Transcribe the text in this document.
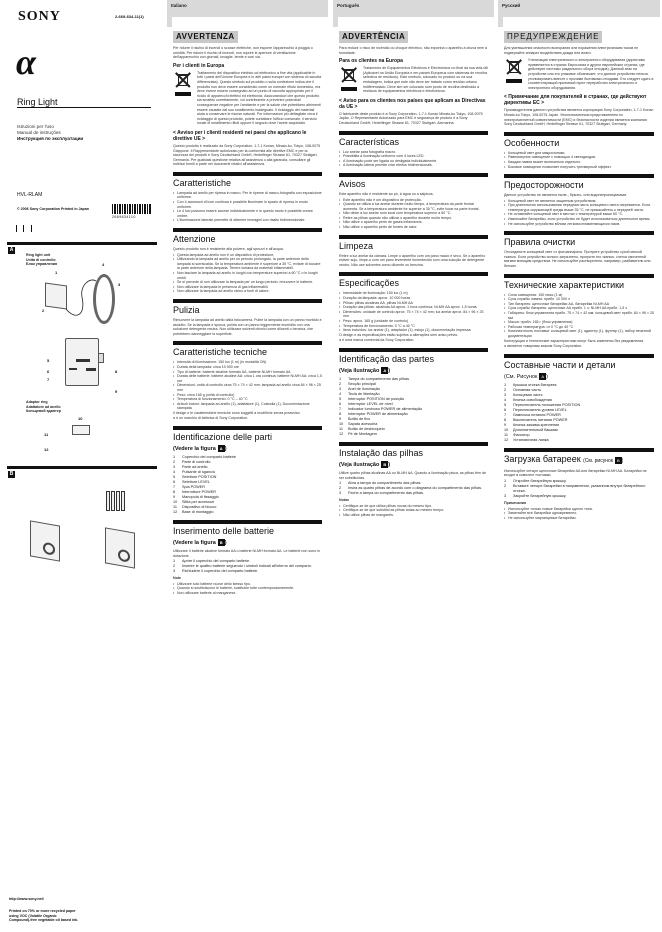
SONY	2-669-634-11(1)
α
Ring Light
Istruzioni per l'uso
Manual de instruções
Инструкция по эксплуатации
HVL-RLAM
© 2006 Sony Corporation Printed in Japan
2669634110
A
Ring light unit
Unità di controllo
Блок управления
1
2
3
4
5
6
7
8
9
Adaptor ring
Adattatore ad anello
Кольцевой адаптер
10
11
12
B
http://www.sony.net/
Printed on 70% or more recycled paper
using VOC (Volatile Organic
Compound)-free vegetable oil based ink.
Italiano
AVVERTENZA
Per ridurre il rischio di incendi o scosse elettriche, non esporre l'apparecchio a pioggia o umidità. Per ridurre il rischio di incendi, non coprire le aperture di ventilazione dell'apparecchio con giornali, tovaglie, tende e così via.
Per i clienti in Europa
Trattamento del dispositivo elettrico od elettronico a fine vita (applicabile in tutti i paesi dell'Unione Europea e in altri paesi europei con sistema di raccolta differenziata). Questo simbolo sul prodotto o sulla confezione indica che il prodotto non deve essere considerato come un normale rifiuto domestico, ma deve invece essere consegnato ad un punto di raccolta appropriato per il riciclo di apparecchi elettrici ed elettronici. Assicurandovi che questo prodotto sia smaltito correttamente, voi contribuirete a prevenire potenziali conseguenze negative per l'ambiente e per la salute che potrebbero altrimenti essere causate dal suo smaltimento inadeguato. Il riciclaggio dei materiali aiuta a conservare le risorse naturali. Per informazioni più dettagliate circa il riciclaggio di questo prodotto, potete contattare l'ufficio comunale, il servizio locale di smaltimento rifiuti oppure il negozio dove l'avete acquistato.
< Avviso per i clienti residenti nei paesi che applicano le direttive UE >
Questo prodotto è realizzato da Sony Corporation, 1-7-1 Konan, Minato-ku, Tokyo, 108-0075 Giappone. Il Rappresentante autorizzato per la conformità alle direttive EMC e per la sicurezza dei prodotti è Sony Deutschland GmbH, Hedelfinger Strasse 61, 70327 Stuttgart, Germania. Per qualsiasi questione relativa all'assistenza o alla garanzia, consultare gli indirizzi forniti a parte nei documenti relativi all'assistenza.
Caratteristiche
• Lampada ad anello per ripresa in macro. Per le riprese di macro-fotografia con esposizione uniforme.
• Con 4 accessori di luce continua è possibile illuminare lo spazio di ripresa in modo uniforme.
• Le 4 luci possono essere accese individualmente e in questo modo è possibile creare ombre.
• L'illuminazione laterale permette di ottenere immagini con risalto tridimensionale.
Attenzione
Questo prodotto non è resistente alla polvere, agli spruzzi e all'acqua.
• Questa lampada ad anello non è un dispositivo di protezione.
• Utilizzando la lampada ad anello per un periodo prolungato, la parte anteriore della lampada si surriscalda. Se la temperatura ambiente è superiore a 35 °C, evitare di toccare la parte anteriore della lampada. Tenere lontana da materiali infiammabili.
• Non lasciare la lampada ad anello in luoghi con temperature superiori a 60 °C o in luoghi umidi.
• Se si prevede di non utilizzare la lampada per un lungo periodo, rimuovere le batterie.
• Non utilizzare la lampada in presenza di gas infiammabili.
• Non utilizzare la lampada ad anello vicino a fonti di calore.
Pulizia
Rimuovere la lampada ad anello dalla fotocamera. Pulire la lampada con un panno morbido e asciutto. Se la lampada è sporca, pulirla con un panno leggermente inumidito con una soluzione detergente neutra. Non utilizzare solventi chimici come diluenti o benzina, che potrebbero danneggiare la superficie.
Caratteristiche tecniche
• Intensità di illuminazione: 150 lux (1 m) (in modalità ON)
• Durata della lampada: circa 10 000 ore
• Tipo di batterie: batterie alcaline formato AA, batterie Ni-MH formato AA
• Durata delle batterie: batterie alcaline AA: circa 1 ora continua; batterie Ni-MH AA: circa 1,5 ore
• Dimensioni: unità di controllo circa 75 × 74 × 42 mm; lampada ad anello circa 84 × 96 × 25 mm
• Peso: circa 165 g (unità di controllo)
• Temperatura di funzionamento: 0 °C – 40 °C
• Articoli inclusi: lampada ad anello (1), adattatore (1), Custodia (1), Documentazione stampata
Il design e le caratteristiche tecniche sono soggetti a modifiche senza preavviso.
α è un marchio di fabbrica di Sony Corporation.
Identificazione delle parti
(Vedere la figura A )
1	Coperchio del comparto batterie
2	Parte di controllo
3	Parte ad anello
4	Pulsante di sgancio
5	Selettore POSITION
6	Selettore LEVEL
7	Spia POWER
8	Interruttore POWER
9	Manopola di fissaggio
10 Slitta per accessori
11 Dispositivo di blocco
12 Base di montaggio
Inserimento delle batterie
(Vedere la figura B )
Utilizzare 4 batterie alcaline formato AA o batterie Ni-MH formato AA. Le batterie non sono in dotazione.
1	Aprire il coperchio del comparto batterie.
2	Inserire le quattro batterie seguendo i simboli indicati all'interno del comparto.
3	Richiudere il coperchio del comparto batterie.
Note
• Utilizzare solo batterie nuove dello stesso tipo.
• Quando si sostituiscono le batterie, sostituirle tutte contemporaneamente.
• Non utilizzare batterie al manganese.
Português
ADVERTÊNCIA
Para reduzir o risco de incêndio ou choque eléctrico, não exponha o aparelho à chuva nem à humidade.
Para os clientes na Europa
Tratamento de Equipamentos Eléctricos e Electrónicos no final da sua vida útil (Aplicável na União Europeia e em países Europeus com sistemas de recolha selectiva de resíduos). Este símbolo, colocado no produto ou na sua embalagem, indica que este não deve ser tratado como resíduo urbano indiferenciado. Deve sim ser colocado num ponto de recolha destinado a resíduos de equipamentos eléctricos e electrónicos.
< Aviso para os clientes nos países que aplicam as Directivas da UE >
O fabricante deste produto é a Sony Corporation, 1-7-1 Konan Minato-ku Tokyo, 108-0075 Japão. O Representante Autorizado para EMC e segurança de produto é a Sony Deutschland GmbH, Hedelfinger Strasse 61, 70327 Stuttgart, Alemanha.
Características
• Luz anelar para fotografia macro.
• Possibilita a iluminação uniforme com 4 luzes LED.
• A iluminação pode ser ligada ou desligada individualmente.
• A iluminação lateral permite criar efeitos tridimensionais.
Avisos
Este aparelho não é resistente ao pó, à água ou a salpicos.
• Este aparelho não é um dispositivo de protecção.
• Quando se utiliza a luz anelar durante muito tempo, a temperatura da parte frontal aumenta. Se a temperatura ambiente for superior a 35 °C, evite tocar na parte frontal.
• Não deixe a luz anelar num local com temperatura superior a 60 °C.
• Retire as pilhas quando não utilizar o aparelho durante muito tempo.
• Não utilize o aparelho perto de gases inflamáveis.
• Não utilize o aparelho perto de fontes de calor.
Limpeza
Retire a luz anelar da câmara. Limpe o aparelho com um pano macio e seco. Se o aparelho estiver sujo, limpe-o com um pano levemente humedecido com uma solução de detergente neutro. Não use solventes como diluente ou benzina.
Especificações
• Intensidade de iluminação: 150 lux (1 m)
• Duração da lâmpada: aprox. 10 000 horas
• Pilhas: pilhas alcalinas AA, pilhas Ni-MH AA
• Duração das pilhas: alcalinas AA aprox. 1 hora contínua; Ni-MH AA aprox. 1,5 horas
• Dimensões: unidade de controlo aprox. 75 × 74 × 42 mm; luz anelar aprox. 84 × 96 × 25 mm
• Peso: aprox. 165 g (unidade de controlo)
• Temperatura de funcionamento: 0 °C a 40 °C
• Itens incluídos: luz anelar (1), adaptador (1), estojo (1), documentação impressa
O design e as especificações estão sujeitos a alterações sem aviso prévio.
α é uma marca comercial da Sony Corporation.
Identificação das partes
(Veja ilustração A )
1	Tampa do compartimento das pilhas
2	Secção principal
3	Anel de iluminação
4	Tecla de libertação
5	Interruptor POSITION de posição
6	Interruptor LEVEL de nível
7	Indicador luminoso POWER de alimentação
8	Interruptor POWER de alimentação
9	Botão de fixo
10 Sapata acessória
11 Botão de desbloqueio
12 Pé de Montagem
Instalação das pilhas
(Veja ilustração B )
Utilize quatro pilhas alcalinas AA ou Ni-MH AA. Quando a iluminação pisca, as pilhas têm de ser substituídas.
1	Abra a tampa do compartimento das pilhas.
2	Insira as quatro pilhas de acordo com o diagrama do compartimento das pilhas.
3	Feche a tampa do compartimento das pilhas.
Notas
• Certifique-se de que utiliza pilhas novas do mesmo tipo.
• Certifique-se de que substitui as pilhas todas ao mesmo tempo.
• Não utilize pilhas de manganês.
Русский
ПРЕДУПРЕЖДЕНИЕ
Для уменьшения опасности возгорания или поражения электрическим током не подвергайте аппарат воздействию дождя или влаги.
Утилизация электрического и электронного оборудования (директива применяется в странах Евросоюза и других европейских странах, где действуют системы раздельного сбора отходов). Данный знак на устройстве или его упаковке обозначает, что данное устройство нельзя утилизировать вместе с прочими бытовыми отходами. Его следует сдать в соответствующий приемный пункт переработки электрического и электронного оборудования.
< Примечание для покупателей в странах, где действуют директивы ЕС >
Производителем данного устройства является корпорация Sony Corporation, 1-7-1 Konan Minato-ku Tokyo, 108-0075 Japan. Уполномоченным представителем по электромагнитной совместимости (EMC) и безопасности изделия является компания Sony Deutschland GmbH, Hedelfinger Strasse 61, 70327 Stuttgart, Germany.
Особенности
• Кольцевой свет для макросъемки.
• Равномерное освещение с помощью 4 светодиодов.
• Каждая лампа может включаться отдельно.
• Боковое освещение позволяет получить трехмерный эффект.
Предосторожности
Данное устройство не является пыле-, брызго- или водонепроницаемым.
• Кольцевой свет не является защитным устройством.
• При длительном использовании передняя часть кольцевого света нагревается. Если температура окружающей среды выше 35 °C, не прикасайтесь к передней части.
• Не оставляйте кольцевой свет в местах с температурой выше 60 °C.
• Извлекайте батарейки, если устройство не будет использоваться длительное время.
• Не используйте устройство вблизи легковоспламеняющихся газов.
Правила очистки
Отсоедините кольцевой свет от фотоаппарата. Протрите устройство сухой мягкой тканью. Если устройство сильно загрязнено, протрите его тканью, слегка смоченной мягким моющим средством. Не используйте растворители, например, разбавитель или бензин.
Технические характеристики
• Сила освещения: 150 люкс (1 м)
• Срок службы лампы: прибл. 10 000 ч
• Тип батареек: щелочные батарейки AA, батарейки Ni-MH AA
• Срок службы батареек: щелочные AA прибл. 1 ч; Ni-MH AA прибл. 1,5 ч
• Габариты: блок управления прибл. 75 × 74 × 42 мм; кольцевой свет прибл. 84 × 96 × 25 мм
• Масса: прибл. 165 г (блок управления)
• Рабочая температура: от 0 °C до 40 °C
• Комплектность поставки: кольцевой свет (1), адаптер (1), футляр (1), набор печатной документации
Конструкция и технические характеристики могут быть изменены без уведомления.
α является товарным знаком Sony Corporation.
Составные части и детали
(См. Рисунок A )
1	Крышка отсека батареек
2	Основная часть
3	Кольцевая часть
4	Кнопка освобождения
5	Переключатель положения POSITION
6	Переключатель уровня LEVEL
7	Лампочка питания POWER
8	Выключатель питания POWER
9	Кнопка зажима крепления
10 Дополнительный башмак
11 Фиксатор
12 Установочная лапка
Загрузка батареек (См. рисунок B )
Используйте четыре щелочные батарейки AA или батарейки Ni-MH AA. Батарейки не входят в комплект поставки.
1	Откройте батарейную крышку.
2	Вставьте четыре батарейки в направлении, указанном внутри батарейного отсека.
3	Закройте батарейную крышку.
Примечания
• Используйте только новые батарейки одного типа.
• Заменяйте все батарейки одновременно.
• Не используйте марганцевые батарейки.
